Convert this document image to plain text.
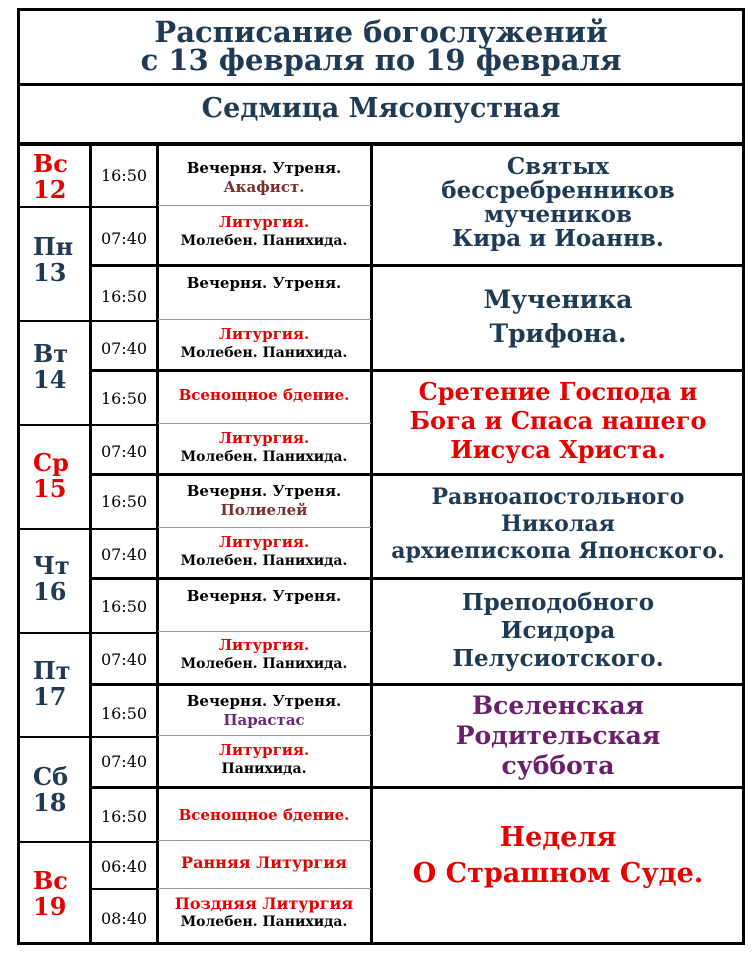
Расписание богослужений
с 13 февраля по 19 февраля
Седмица Мясопустная
Вс
12
Пн
13
Вт
14
Ср
15
Чт
16
Пт
17
Сб
18
Вс
19
16:50
07:40
16:50
07:40
16:50
07:40
16:50
07:40
16:50
07:40
16:50
07:40
16:50
06:40
08:40
Вечерня. Утреня.
Акафист.
Литургия.
Молебен. Панихида.
Вечерня. Утреня.
Литургия.
Молебен. Панихида.
Всенощное бдение.
Литургия.
Молебен. Панихида.
Вечерня. Утреня.
Полиелей
Литургия.
Молебен. Панихида.
Вечерня. Утреня.
Литургия.
Молебен. Панихида.
Вечерня. Утреня.
Парастас
Литургия.
Панихида.
Всенощное бдение.
Ранняя Литургия
Поздняя Литургия
Молебен. Панихида.
Святых
бессребренников
мучеников
Кира и Иоаннв.
Мученика
Трифона.
Сретение Господа и
Бога и Спаса нашего
Иисуса Христа.
Равноапостольного
Николая
архиепископа Японского.
Преподобного
Исидора
Пелусиотского.
Вселенская
Родительская
суббота
Неделя
О Страшном Суде.
